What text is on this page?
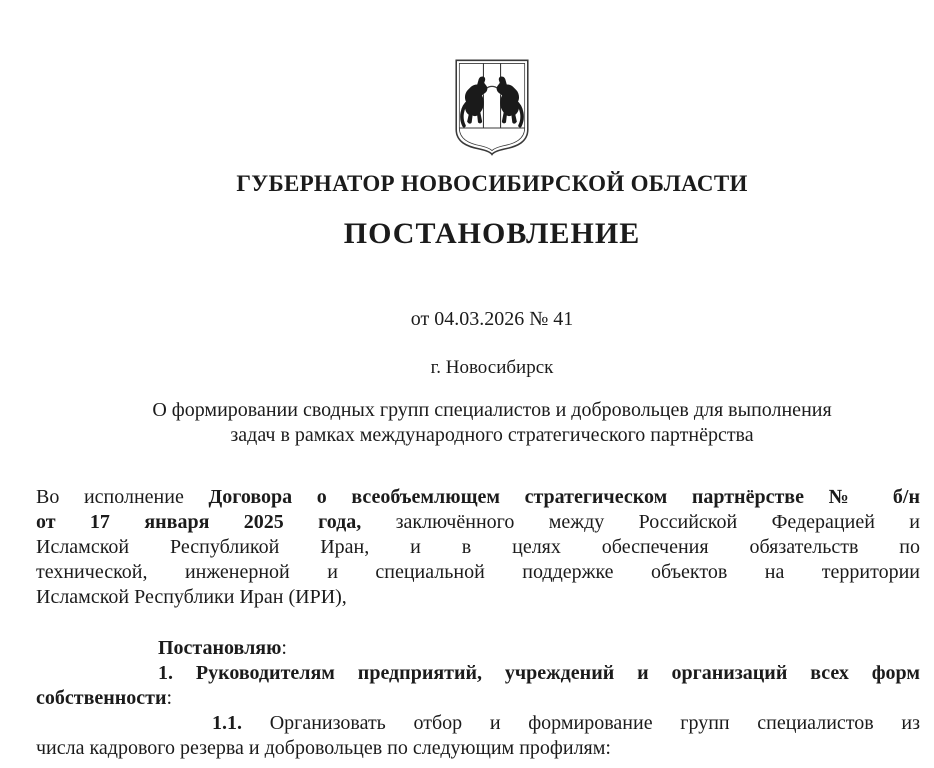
ГУБЕРНАТОР НОВОСИБИРСКОЙ ОБЛАСТИ
ПОСТАНОВЛЕНИЕ
от 04.03.2026 № 41
г. Новосибирск
О формировании сводных групп специалистов и добровольцев для выполнения
задач в рамках международного стратегического партнёрства
Во исполнение Договора о всеобъемлющем стратегическом партнёрстве № б/н
от 17 января 2025 года, заключённого между Российской Федерацией и
Исламской Республикой Иран, и в целях обеспечения обязательств по
технической, инженерной и специальной поддержке объектов на территории
Исламской Республики Иран (ИРИ),
Постановляю:
1. Руководителям предприятий, учреждений и организаций всех форм
собственности:
1.1. Организовать отбор и формирование групп специалистов из
числа кадрового резерва и добровольцев по следующим профилям:
